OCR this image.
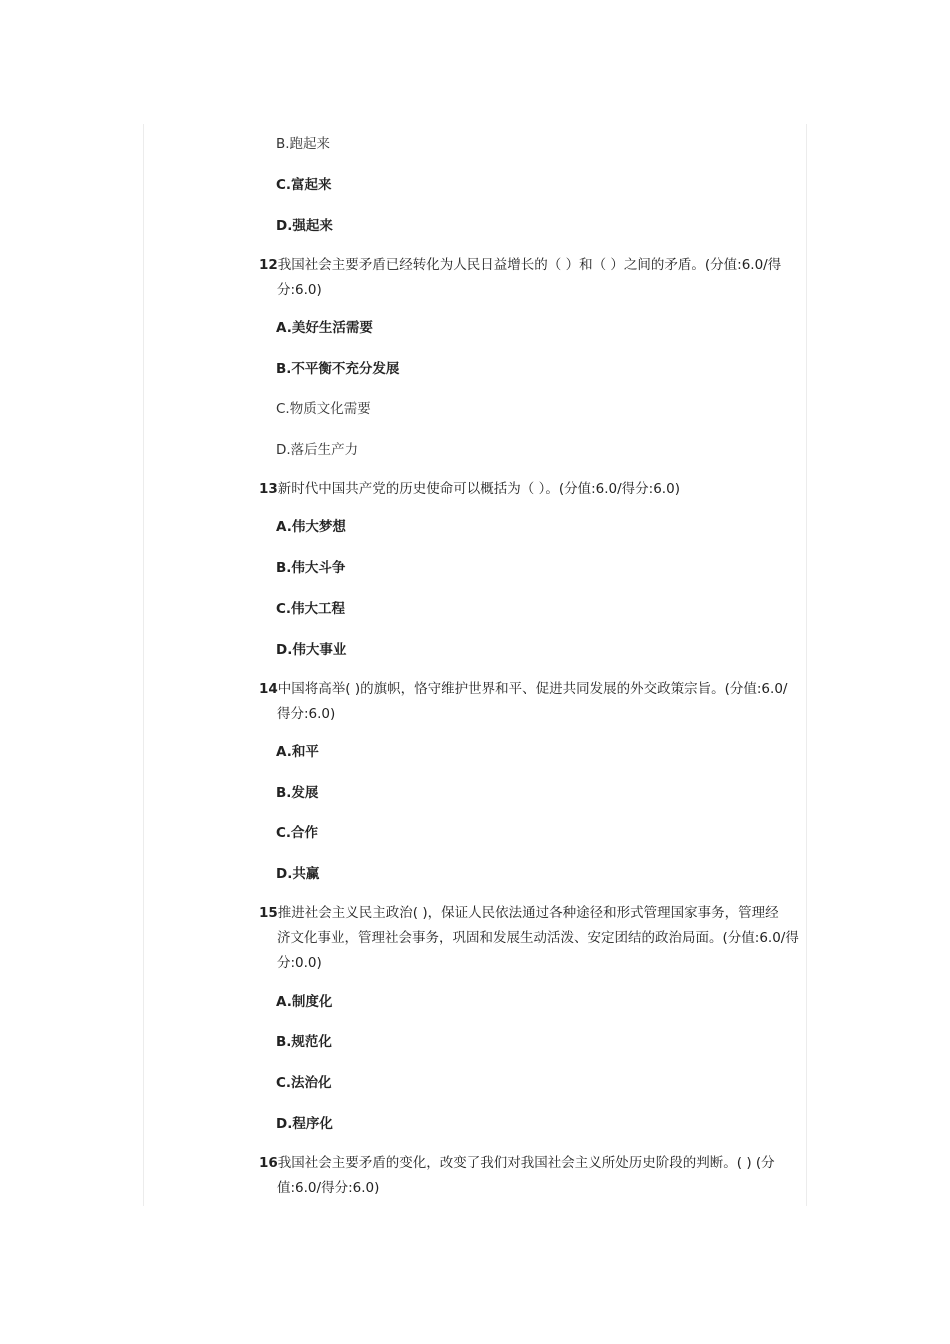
B.跑起来
C.富起来
D.强起来
12我国社会主要矛盾已经转化为人民日益增长的（ ）和（ ）之间的矛盾。(分值:6.0/得
分:6.0)
A.美好生活需要
B.不平衡不充分发展
C.物质文化需要
D.落后生产力
13新时代中国共产党的历史使命可以概括为（ ）。(分值:6.0/得分:6.0)
A.伟大梦想
B.伟大斗争
C.伟大工程
D.伟大事业
14中国将高举( )的旗帜，恪守维护世界和平、促进共同发展的外交政策宗旨。(分值:6.0/
得分:6.0)
A.和平
B.发展
C.合作
D.共赢
15推进社会主义民主政治( )，保证人民依法通过各种途径和形式管理国家事务，管理经
济文化事业，管理社会事务，巩固和发展生动活泼、安定团结的政治局面。(分值:6.0/得
分:0.0)
A.制度化
B.规范化
C.法治化
D.程序化
16我国社会主要矛盾的变化，改变了我们对我国社会主义所处历史阶段的判断。( ) (分
值:6.0/得分:6.0)
